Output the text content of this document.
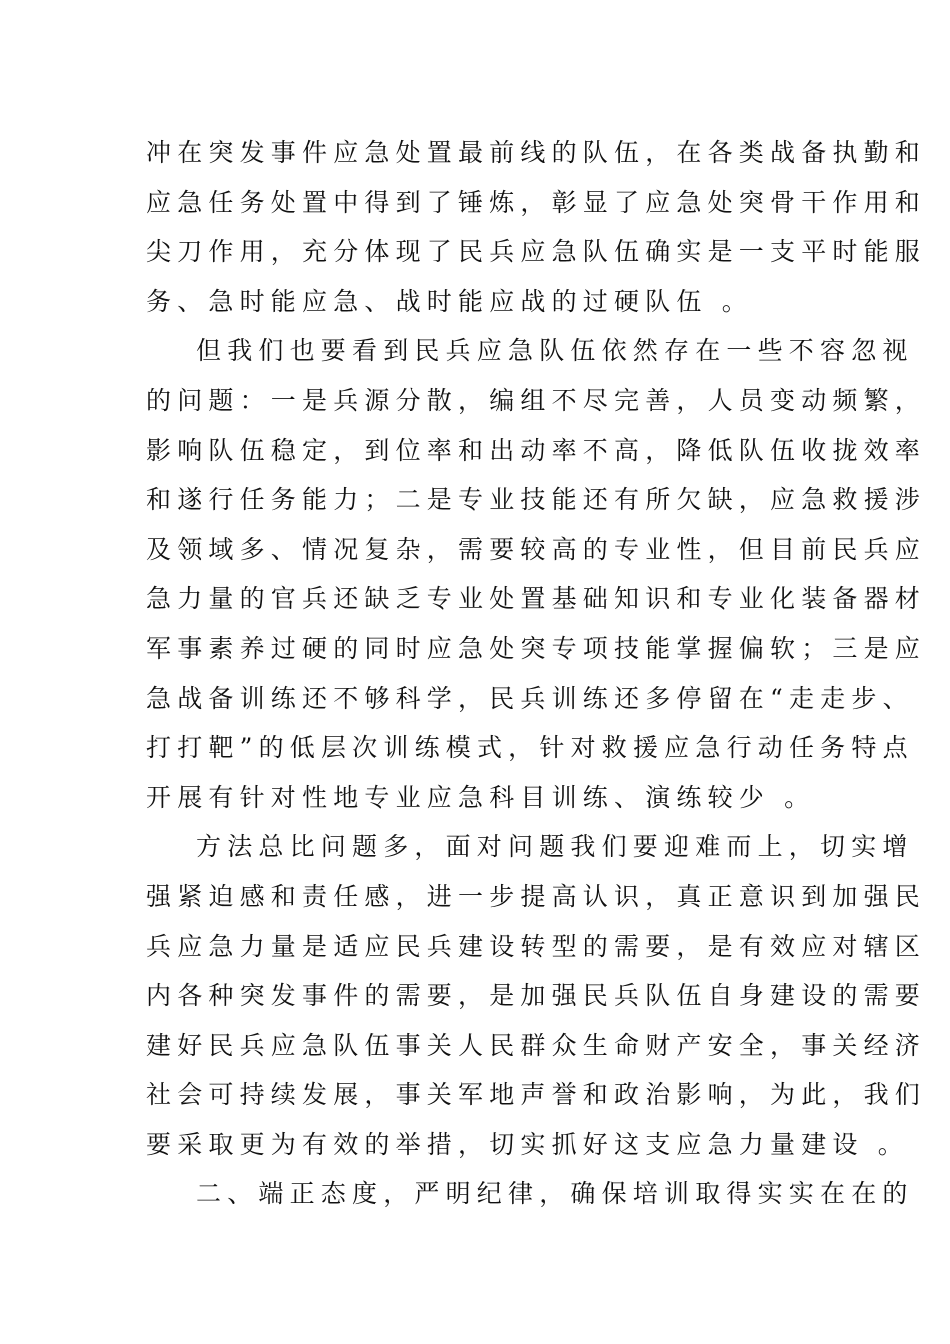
冲在突发事件应急处置最前线的队伍，在各类战备执勤和
应急任务处置中得到了锤炼，彰显了应急处突骨干作用和
尖刀作用，充分体现了民兵应急队伍确实是一支平时能服
务、急时能应急、战时能应战的过硬队伍 。
但我们也要看到民兵应急队伍依然存在一些不容忽视
的问题：一是兵源分散，编组不尽完善，人员变动频繁，
影响队伍稳定，到位率和出动率不高，降低队伍收拢效率
和遂行任务能力；二是专业技能还有所欠缺，应急救援涉
及领域多、情况复杂，需要较高的专业性，但目前民兵应
急力量的官兵还缺乏专业处置基础知识和专业化装备器材
军事素养过硬的同时应急处突专项技能掌握偏软；三是应
急战备训练还不够科学，民兵训练还多停留在“走走步、
打打靶”的低层次训练模式，针对救援应急行动任务特点
开展有针对性地专业应急科目训练、演练较少 。
方法总比问题多，面对问题我们要迎难而上，切实增
强紧迫感和责任感，进一步提高认识，真正意识到加强民
兵应急力量是适应民兵建设转型的需要，是有效应对辖区
内各种突发事件的需要，是加强民兵队伍自身建设的需要
建好民兵应急队伍事关人民群众生命财产安全，事关经济
社会可持续发展，事关军地声誉和政治影响，为此，我们
要采取更为有效的举措，切实抓好这支应急力量建设 。
二、端正态度，严明纪律，确保培训取得实实在在的
